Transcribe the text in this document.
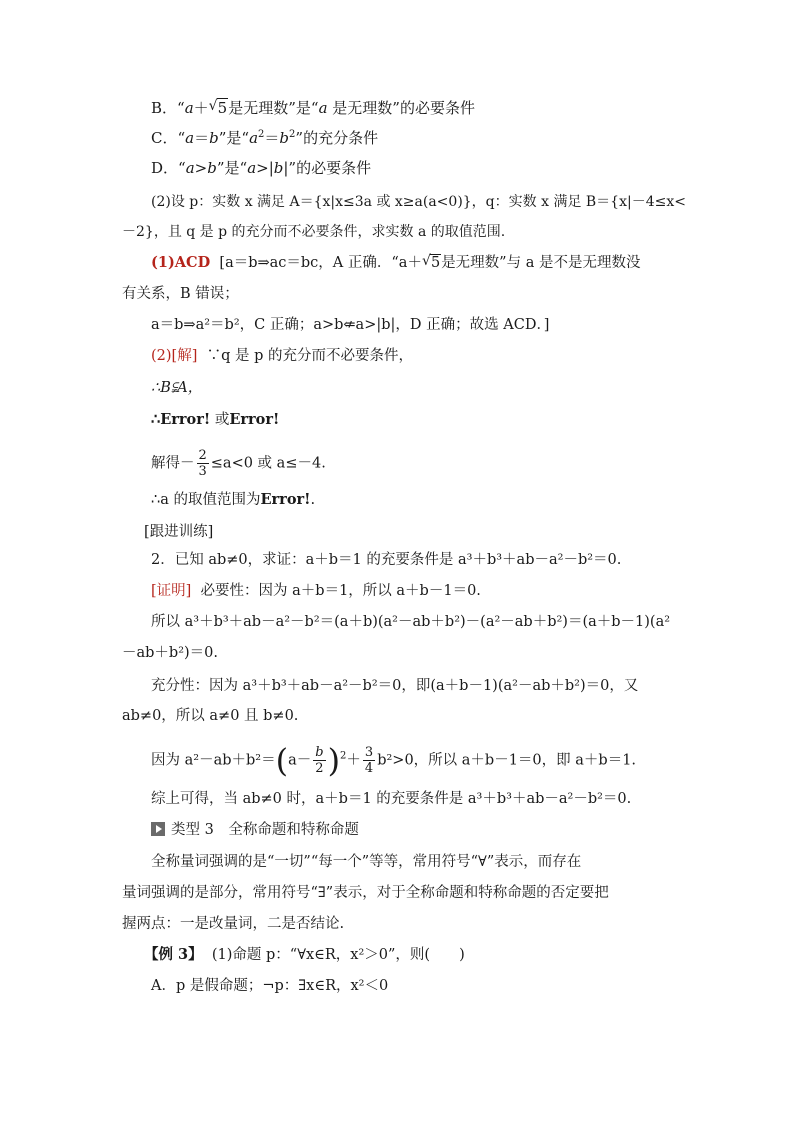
B．“a＋ √ 5是无理数”是“a 是无理数”的必要条件
C．“a＝b”是“$a^2=b^2$”的充分条件
D．“a>b”是“a>|b|”的必要条件
(2)设 p：实数 x 满足 A＝{x|x≤3a 或 x≥a(a<0)}，q：实数 x 满足 B＝{x|－4≤x<
－2}，且 q 是 p 的充分而不必要条件，求实数 a 的取值范围.
(1)ACD [a＝b⇒ac＝bc，A 正确．“a＋ √ 5是无理数”与 a 是不是无理数没
有关系，B 错误；
a＝b⇒a²＝b²，C 正确；a>b⇍a>|b|，D 正确；故选 ACD．]
(2)[解] ∵q 是 p 的充分而不必要条件，
∴B⫋A，
∴Error! 或Error!
解得－ $\frac{2}{3} \le a<0$ 或 a≤－4.
∴a 的取值范围为Error!.
[跟进训练]
2．已知 ab≠0，求证：a＋b＝1 的充要条件是 a³＋b³＋ab－a²－b²＝0.
[证明] 必要性：因为 a＋b＝1，所以 a＋b－1＝0.
所以 a³＋b³＋ab－a²－b²＝(a＋b)(a²－ab＋b²)－(a²－ab＋b²)＝(a＋b－1)(a²
－ab＋b²)＝0.
充分性：因为 a³＋b³＋ab－a²－b²＝0，即(a＋b－1)(a²－ab＋b²)＝0，又
ab≠0，所以 a≠0 且 b≠0.
因为 $a^2-ab+b^2=(a- \frac{b}{2} )^2+ \frac{3}{4} b^2>0$，所以 a＋b－1＝0，即 a＋b＝1.
综上可得，当 ab≠0 时，a＋b＝1 的充要条件是 a³＋b³＋ab－a²－b²＝0.
类型 3　全称命题和特称命题
全称量词强调的是“一切”“每一个”等等，常用符号“∀”表示，而存在
量词强调的是部分，常用符号“∃”表示，对于全称命题和特称命题的否定要把
握两点：一是改量词，二是否结论.
【例 3】 (1)命题 p：“∀x∈R，x²＞0”，则(　　)
A．p 是假命题；¬p：∃x∈R，x²＜0
